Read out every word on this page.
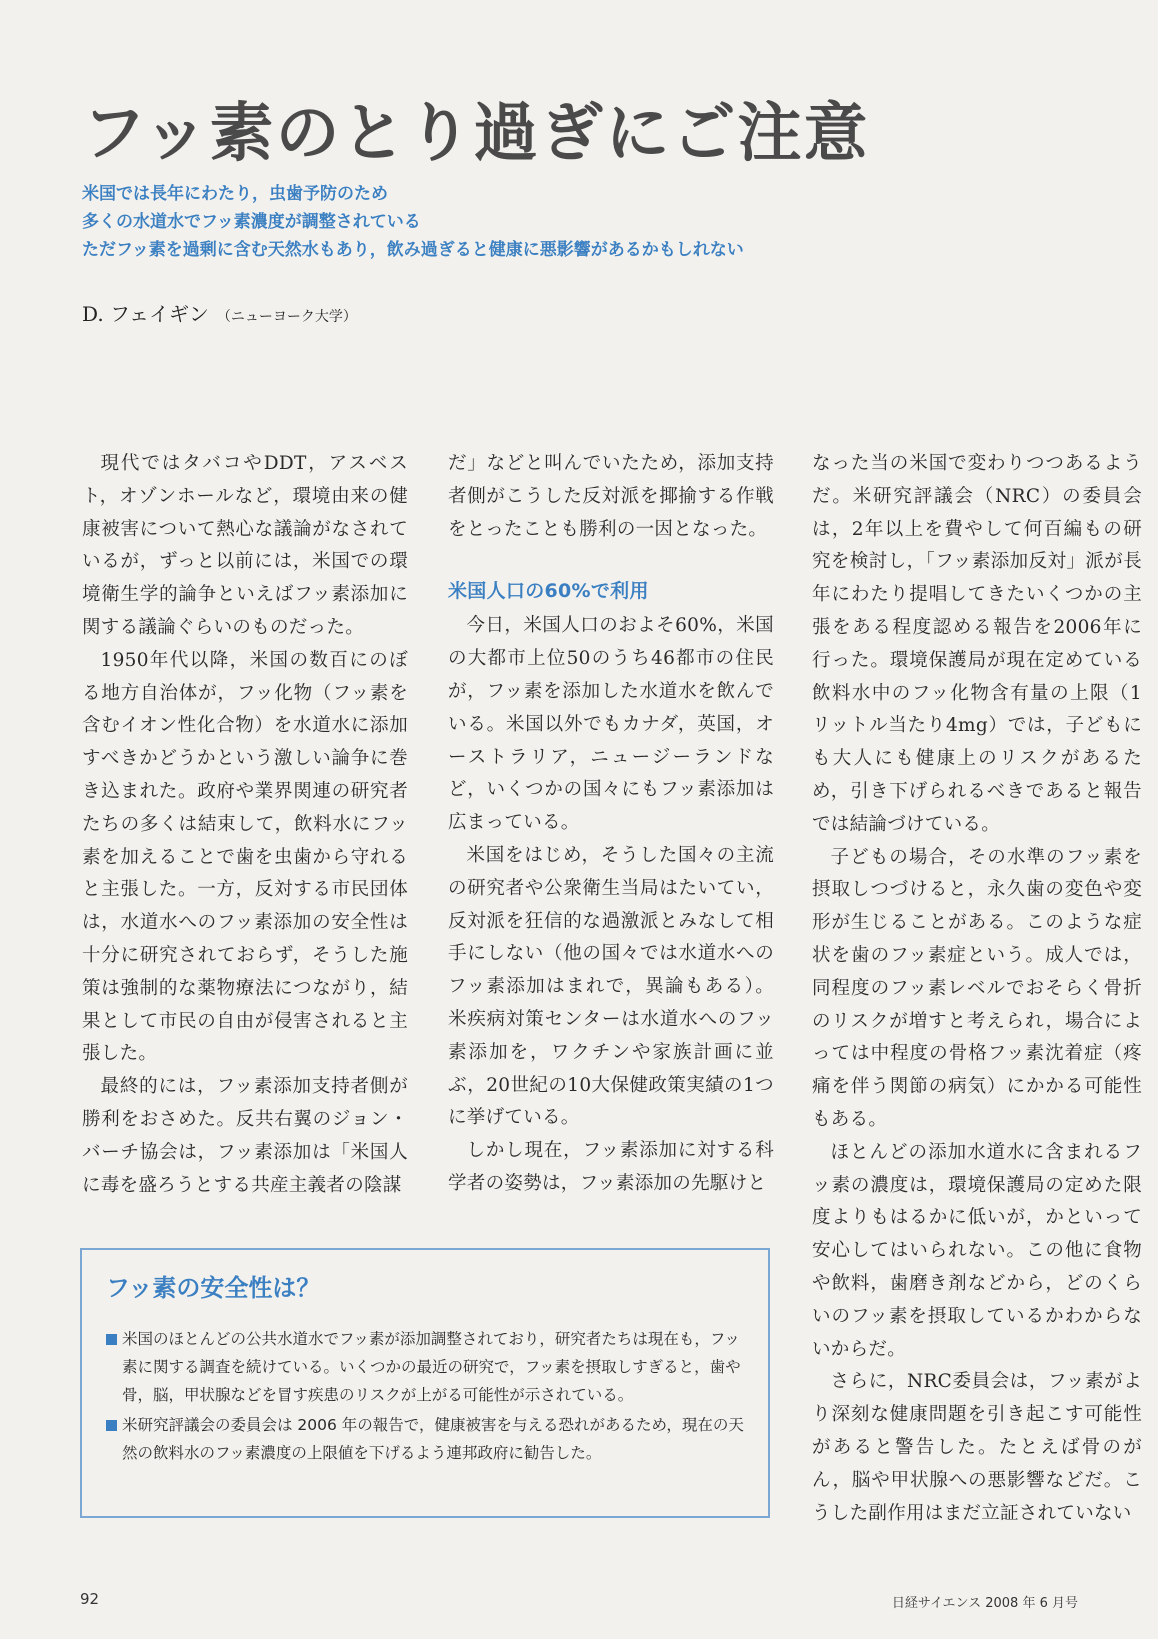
フッ素のとり過ぎにご注意
米国では長年にわたり，虫歯予防のため
多くの水道水でフッ素濃度が調整されている
ただフッ素を過剰に含む天然水もあり，飲み過ぎると健康に悪影響があるかもしれない
D. フェイギン （ニューヨーク大学）

現代ではタバコやDDT，アスベスト，オゾンホールなど，環境由来の健康被害について熱心な議論がなされているが，ずっと以前には，米国での環境衛生学的論争といえばフッ素添加に関する議論ぐらいのものだった。

1950年代以降，米国の数百にのぼる地方自治体が，フッ化物（フッ素を含むイオン性化合物）を水道水に添加すべきかどうかという激しい論争に巻き込まれた。政府や業界関連の研究者たちの多くは結束して，飲料水にフッ素を加えることで歯を虫歯から守れると主張した。一方，反対する市民団体は，水道水へのフッ素添加の安全性は十分に研究されておらず，そうした施策は強制的な薬物療法につながり，結果として市民の自由が侵害されると主張した。

最終的には，フッ素添加支持者側が勝利をおさめた。反共右翼のジョン・バーチ協会は，フッ素添加は「米国人に毒を盛ろうとする共産主義者の陰謀

だ」などと叫んでいたため，添加支持者側がこうした反対派を揶揄する作戦をとったことも勝利の一因となった。

米国人口の60%で利用

今日，米国人口のおよそ60%，米国の大都市上位50のうち46都市の住民が，フッ素を添加した水道水を飲んでいる。米国以外でもカナダ，英国，オーストラリア，ニュージーランドなど，いくつかの国々にもフッ素添加は広まっている。

米国をはじめ，そうした国々の主流の研究者や公衆衛生当局はたいてい，反対派を狂信的な過激派とみなして相手にしない（他の国々では水道水へのフッ素添加はまれで，異論もある）。米疾病対策センターは水道水へのフッ素添加を，ワクチンや家族計画に並ぶ，20世紀の10大保健政策実績の1つに挙げている。

しかし現在，フッ素添加に対する科学者の姿勢は，フッ素添加の先駆けと

なった当の米国で変わりつつあるようだ。米研究評議会（NRC）の委員会は，2年以上を費やして何百編もの研究を検討し，「フッ素添加反対」派が長年にわたり提唱してきたいくつかの主張をある程度認める報告を2006年に行った。環境保護局が現在定めている飲料水中のフッ化物含有量の上限（1リットル当たり4mg）では，子どもにも大人にも健康上のリスクがあるため，引き下げられるべきであると報告では結論づけている。

子どもの場合，その水準のフッ素を摂取しつづけると，永久歯の変色や変形が生じることがある。このような症状を歯のフッ素症という。成人では，同程度のフッ素レベルでおそらく骨折のリスクが増すと考えられ，場合によっては中程度の骨格フッ素沈着症（疼痛を伴う関節の病気）にかかる可能性もある。

ほとんどの添加水道水に含まれるフッ素の濃度は，環境保護局の定めた限度よりもはるかに低いが，かといって安心してはいられない。この他に食物や飲料，歯磨き剤などから，どのくらいのフッ素を摂取しているかわからないからだ。

さらに，NRC委員会は，フッ素がより深刻な健康問題を引き起こす可能性があると警告した。たとえば骨のがん，脳や甲状腺への悪影響などだ。こうした副作用はまだ立証されていない

フッ素の安全性は？
米国のほとんどの公共水道水でフッ素が添加調整されており，研究者たちは現在も，フッ素に関する調査を続けている。いくつかの最近の研究で，フッ素を摂取しすぎると，歯や骨，脳，甲状腺などを冒す疾患のリスクが上がる可能性が示されている。
米研究評議会の委員会は 2006 年の報告で，健康被害を与える恐れがあるため，現在の天然の飲料水のフッ素濃度の上限値を下げるよう連邦政府に勧告した。
92	日経サイエンス 2008 年 6 月号
